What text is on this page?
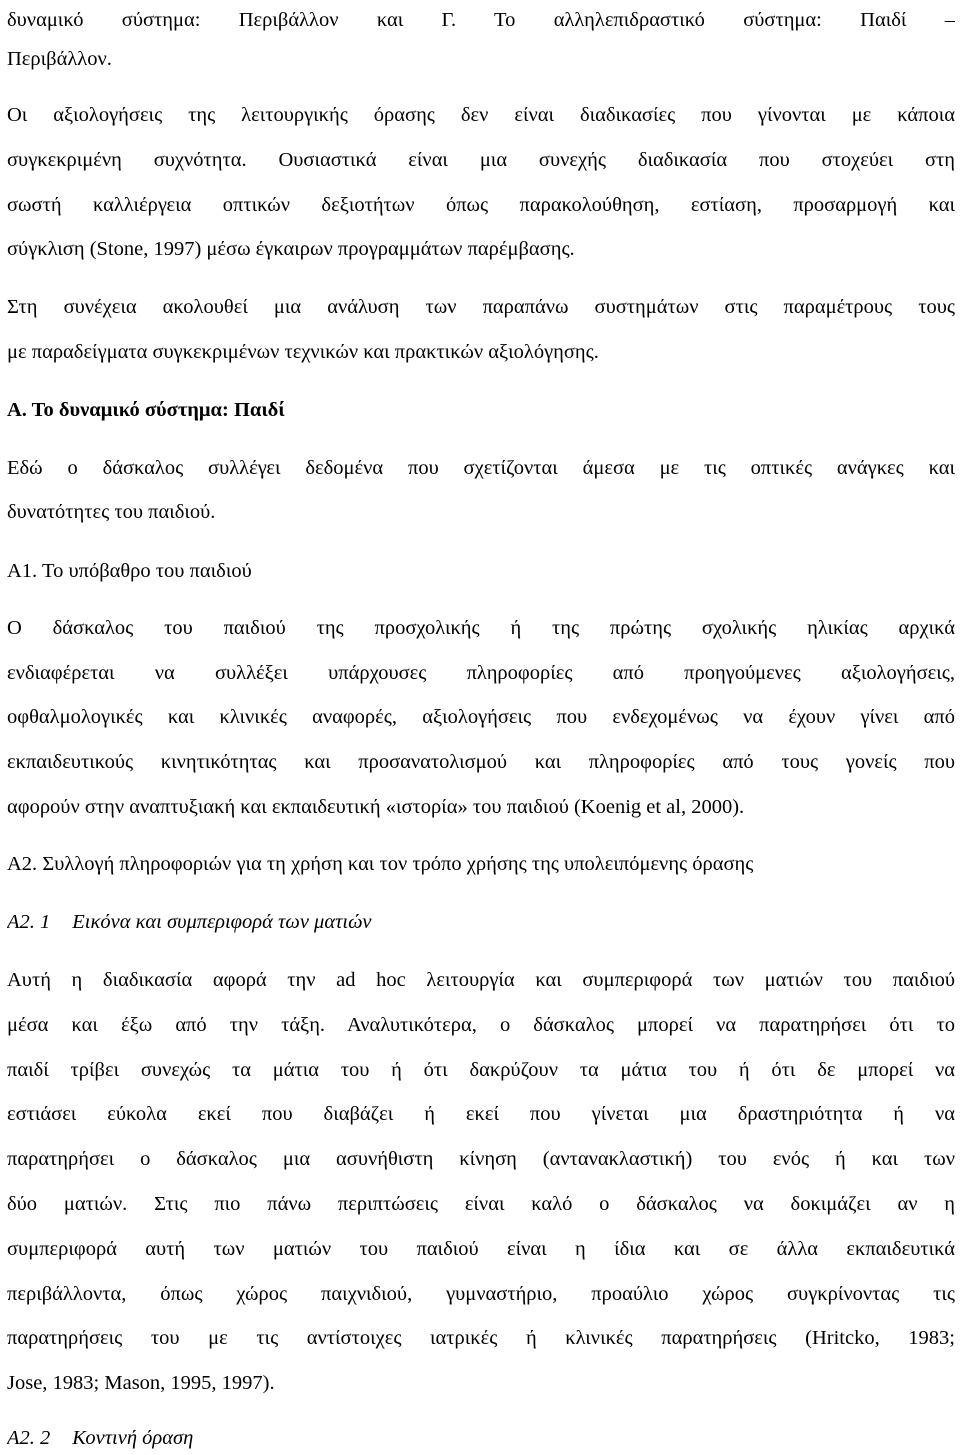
δυναμικό σύστημα: Περιβάλλον και Γ. Το αλληλεπιδραστικό σύστημα: Παιδί –
Περιβάλλον.
Οι αξιολογήσεις της λειτουργικής όρασης δεν είναι διαδικασίες που γίνονται με κάποια
συγκεκριμένη συχνότητα. Ουσιαστικά είναι μια συνεχής διαδικασία που στοχεύει στη
σωστή καλλιέργεια οπτικών δεξιοτήτων όπως παρακολούθηση, εστίαση, προσαρμογή και
σύγκλιση (Stone, 1997) μέσω έγκαιρων προγραμμάτων παρέμβασης.
Στη συνέχεια ακολουθεί μια ανάλυση των παραπάνω συστημάτων στις παραμέτρους τους
με παραδείγματα συγκεκριμένων τεχνικών και πρακτικών αξιολόγησης.
Α. Το δυναμικό σύστημα: Παιδί
Εδώ ο δάσκαλος συλλέγει δεδομένα που σχετίζονται άμεσα με τις οπτικές ανάγκες και
δυνατότητες του παιδιού.
Α1. Το υπόβαθρο του παιδιού
Ο δάσκαλος του παιδιού της προσχολικής ή της πρώτης σχολικής ηλικίας αρχικά
ενδιαφέρεται να συλλέξει υπάρχουσες πληροφορίες από προηγούμενες αξιολογήσεις,
οφθαλμολογικές και κλινικές αναφορές, αξιολογήσεις που ενδεχομένως να έχουν γίνει από
εκπαιδευτικούς κινητικότητας και προσανατολισμού και πληροφορίες από τους γονείς που
αφορούν στην αναπτυξιακή και εκπαιδευτική «ιστορία» του παιδιού (Koenig et al, 2000).
Α2. Συλλογή πληροφοριών για τη χρήση και τον τρόπο χρήσης της υπολειπόμενης όρασης
Α2. 1 Εικόνα και συμπεριφορά των ματιών
Αυτή η διαδικασία αφορά την ad hoc λειτουργία και συμπεριφορά των ματιών του παιδιού
μέσα και έξω από την τάξη. Αναλυτικότερα, ο δάσκαλος μπορεί να παρατηρήσει ότι το
παιδί τρίβει συνεχώς τα μάτια του ή ότι δακρύζουν τα μάτια του ή ότι δε μπορεί να
εστιάσει εύκολα εκεί που διαβάζει ή εκεί που γίνεται μια δραστηριότητα ή να
παρατηρήσει ο δάσκαλος μια ασυνήθιστη κίνηση (αντανακλαστική) του ενός ή και των
δύο ματιών. Στις πιο πάνω περιπτώσεις είναι καλό ο δάσκαλος να δοκιμάζει αν η
συμπεριφορά αυτή των ματιών του παιδιού είναι η ίδια και σε άλλα εκπαιδευτικά
περιβάλλοντα, όπως χώρος παιχνιδιού, γυμναστήριο, προαύλιο χώρος συγκρίνοντας τις
παρατηρήσεις του με τις αντίστοιχες ιατρικές ή κλινικές παρατηρήσεις (Hritcko, 1983;
Jose, 1983; Mason, 1995, 1997).
Α2. 2 Κοντινή όραση
